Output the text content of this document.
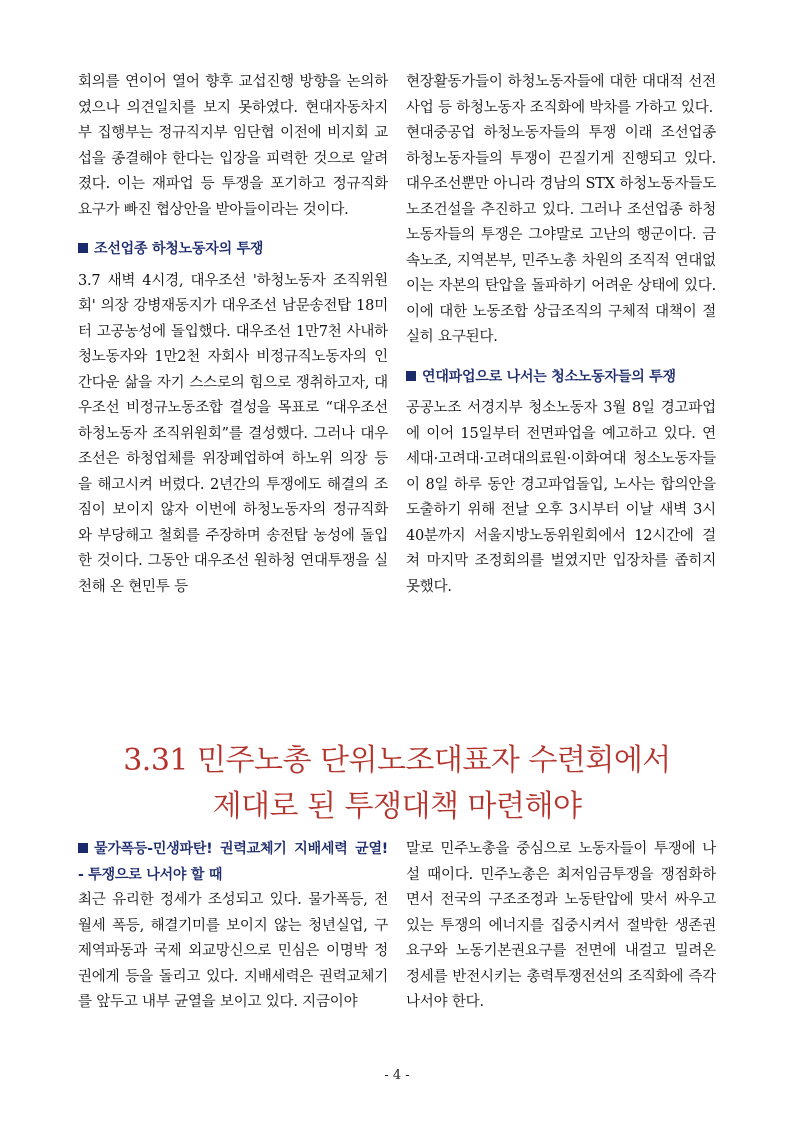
회의를 연이어 열어 향후 교섭진행 방향을 논의하였으나 의견일치를 보지 못하였다. 현대자동차지부 집행부는 정규직지부 임단협 이전에 비지회 교섭을 종결해야 한다는 입장을 피력한 것으로 알려졌다. 이는 재파업 등 투쟁을 포기하고 정규직화 요구가 빠진 협상안을 받아들이라는 것이다.

조선업종 하청노동자의 투쟁

3.7 새벽 4시경, 대우조선 '하청노동자 조직위원회' 의장 강병재동지가 대우조선 남문송전탑 18미터 고공농성에 돌입했다. 대우조선 1만7천 사내하청노동자와 1만2천 자회사 비정규직노동자의 인간다운 삶을 자기 스스로의 힘으로 쟁취하고자, 대우조선 비정규노동조합 결성을 목표로 “대우조선 하청노동자 조직위원회”를 결성했다. 그러나 대우조선은 하청업체를 위장폐업하여 하노위 의장 등을 해고시켜 버렸다. 2년간의 투쟁에도 해결의 조짐이 보이지 않자 이번에 하청노동자의 정규직화와 부당해고 철회를 주장하며 송전탑 농성에 돌입한 것이다. 그동안 대우조선 원하청 연대투쟁을 실천해 온 현민투 등

현장활동가들이 하청노동자들에 대한 대대적 선전사업 등 하청노동자 조직화에 박차를 가하고 있다.

현대중공업 하청노동자들의 투쟁 이래 조선업종 하청노동자들의 투쟁이 끈질기게 진행되고 있다. 대우조선뿐만 아니라 경남의 STX 하청노동자들도 노조건설을 추진하고 있다. 그러나 조선업종 하청노동자들의 투쟁은 그야말로 고난의 행군이다. 금속노조, 지역본부, 민주노총 차원의 조직적 연대없이는 자본의 탄압을 돌파하기 어려운 상태에 있다. 이에 대한 노동조합 상급조직의 구체적 대책이 절실히 요구된다.

연대파업으로 나서는 청소노동자들의 투쟁

공공노조 서경지부 청소노동자 3월 8일 경고파업에 이어 15일부터 전면파업을 예고하고 있다. 연세대·고려대·고려대의료원·이화여대 청소노동자들이 8일 하루 동안 경고파업돌입, 노사는 합의안을 도출하기 위해 전날 오후 3시부터 이날 새벽 3시 40분까지 서울지방노동위원회에서 12시간에 걸쳐 마지막 조정회의를 벌였지만 입장차를 좁히지 못했다.

3.31 민주노총 단위노조대표자 수련회에서
제대로 된 투쟁대책 마련해야
물가폭등-민생파탄! 권력교체기 지배세력 균열! - 투쟁으로 나서야 할 때

최근 유리한 정세가 조성되고 있다. 물가폭등, 전월세 폭등, 해결기미를 보이지 않는 청년실업, 구제역파동과 국제 외교망신으로 민심은 이명박 정권에게 등을 돌리고 있다. 지배세력은 권력교체기를 앞두고 내부 균열을 보이고 있다. 지금이야

말로 민주노총을 중심으로 노동자들이 투쟁에 나설 때이다. 민주노총은 최저임금투쟁을 쟁점화하면서 전국의 구조조정과 노동탄압에 맞서 싸우고 있는 투쟁의 에너지를 집중시켜서 절박한 생존권요구와 노동기본권요구를 전면에 내걸고 밀려온 정세를 반전시키는 총력투쟁전선의 조직화에 즉각 나서야 한다.

- 4 -
